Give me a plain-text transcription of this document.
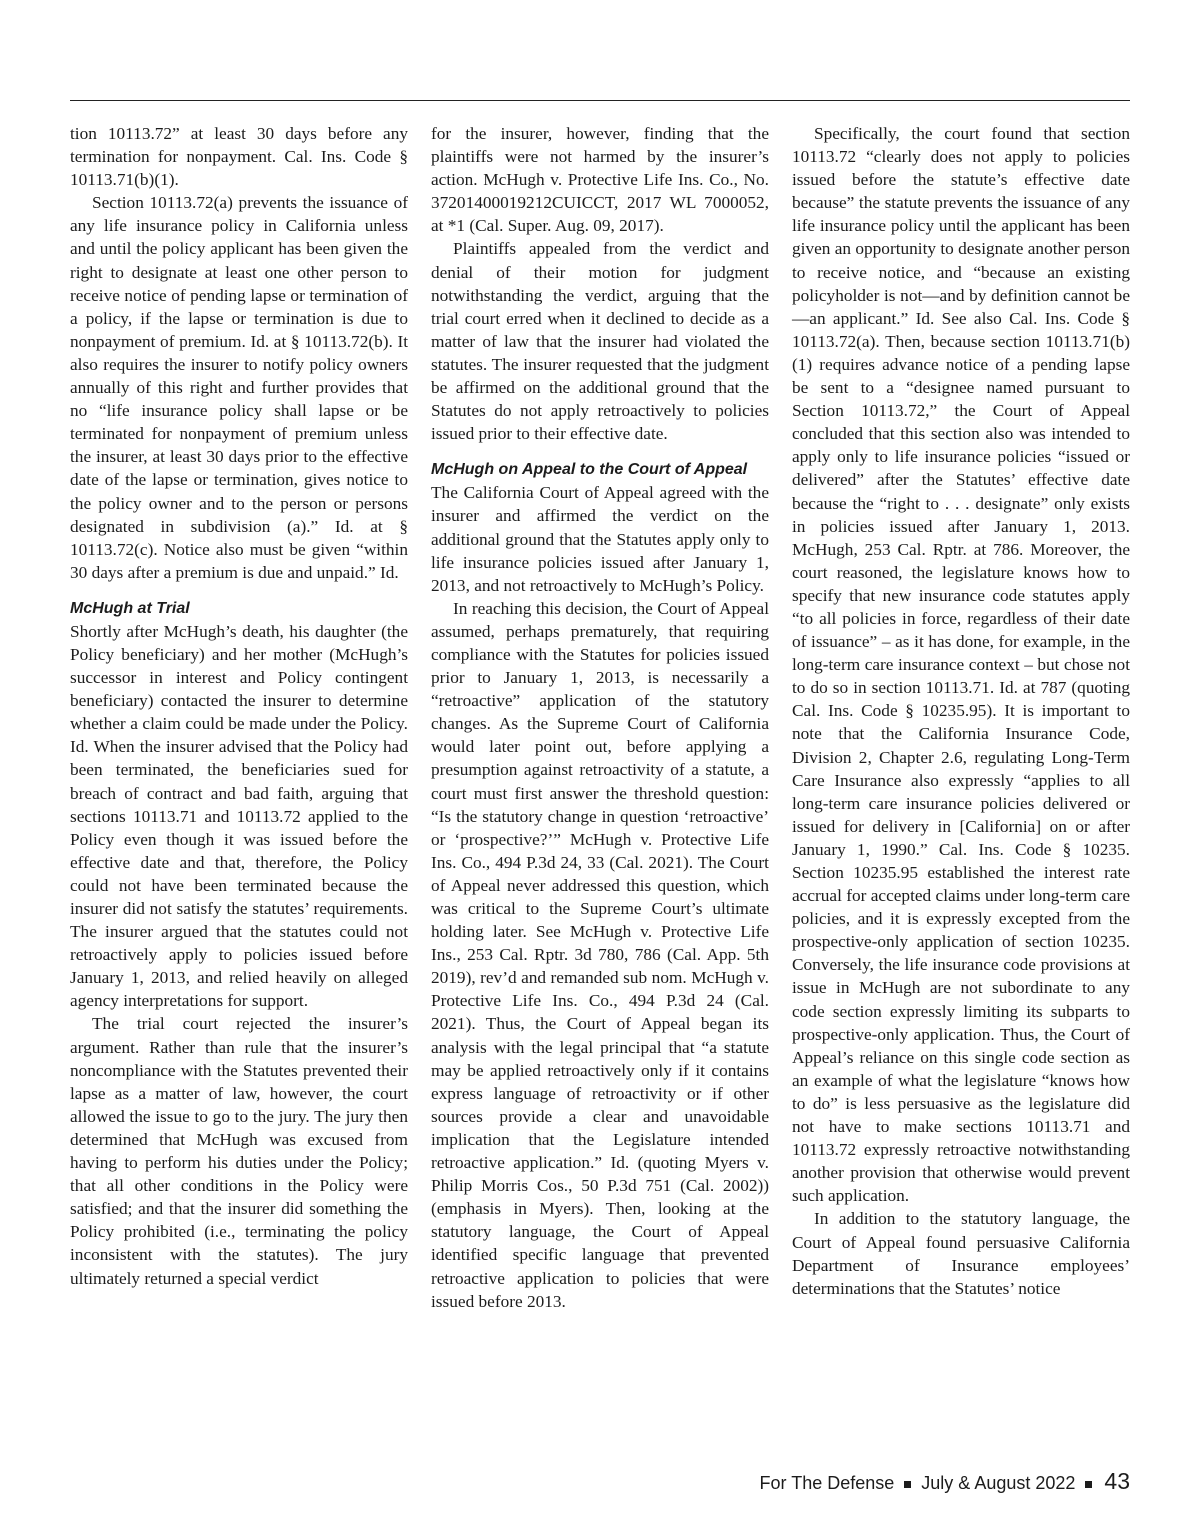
tion 10113.72” at least 30 days before any termination for nonpayment. Cal. Ins. Code § 10113.71(b)(1).

Section 10113.72(a) prevents the issuance of any life insurance policy in California unless and until the policy applicant has been given the right to designate at least one other person to receive notice of pending lapse or termination of a policy, if the lapse or termination is due to nonpayment of premium. Id. at § 10113.72(b). It also requires the insurer to notify policy owners annually of this right and further provides that no “life insurance policy shall lapse or be terminated for nonpayment of premium unless the insurer, at least 30 days prior to the effective date of the lapse or termination, gives notice to the policy owner and to the person or persons designated in subdivision (a).” Id. at § 10113.72(c). Notice also must be given “within 30 days after a premium is due and unpaid.” Id.

McHugh at Trial

Shortly after McHugh’s death, his daughter (the Policy beneficiary) and her mother (McHugh’s successor in interest and Policy contingent beneficiary) contacted the insurer to determine whether a claim could be made under the Policy. Id. When the insurer advised that the Policy had been terminated, the beneficiaries sued for breach of contract and bad faith, arguing that sections 10113.71 and 10113.72 applied to the Policy even though it was issued before the effective date and that, therefore, the Policy could not have been terminated because the insurer did not satisfy the statutes’ requirements. The insurer argued that the statutes could not retroactively apply to policies issued before January 1, 2013, and relied heavily on alleged agency interpretations for support.

The trial court rejected the insurer’s argument. Rather than rule that the insurer’s noncompliance with the Statutes prevented their lapse as a matter of law, however, the court allowed the issue to go to the jury. The jury then determined that McHugh was excused from having to perform his duties under the Policy; that all other conditions in the Policy were satisfied; and that the insurer did something the Policy prohibited (i.e., terminating the policy inconsistent with the statutes). The jury ultimately returned a special verdict

for the insurer, however, finding that the plaintiffs were not harmed by the insurer’s action. McHugh v. Protective Life Ins. Co., No. 37201400019212CUICCT, 2017 WL 7000052, at *1 (Cal. Super. Aug. 09, 2017).

Plaintiffs appealed from the verdict and denial of their motion for judgment notwithstanding the verdict, arguing that the trial court erred when it declined to decide as a matter of law that the insurer had violated the statutes. The insurer requested that the judgment be affirmed on the additional ground that the Statutes do not apply retroactively to policies issued prior to their effective date.

McHugh on Appeal to the Court of Appeal

The California Court of Appeal agreed with the insurer and affirmed the verdict on the additional ground that the Statutes apply only to life insurance policies issued after January 1, 2013, and not retroactively to McHugh’s Policy.

In reaching this decision, the Court of Appeal assumed, perhaps prematurely, that requiring compliance with the Statutes for policies issued prior to January 1, 2013, is necessarily a “retroactive” application of the statutory changes. As the Supreme Court of California would later point out, before applying a presumption against retroactivity of a statute, a court must first answer the threshold question: “Is the statutory change in question ‘retroactive’ or ‘prospective?’” McHugh v. Protective Life Ins. Co., 494 P.3d 24, 33 (Cal. 2021). The Court of Appeal never addressed this question, which was critical to the Supreme Court’s ultimate holding later. See McHugh v. Protective Life Ins., 253 Cal. Rptr. 3d 780, 786 (Cal. App. 5th 2019), rev’d and remanded sub nom. McHugh v. Protective Life Ins. Co., 494 P.3d 24 (Cal. 2021). Thus, the Court of Appeal began its analysis with the legal principal that “a statute may be applied retroactively only if it contains express language of retroactivity or if other sources provide a clear and unavoidable implication that the Legislature intended retroactive application.” Id. (quoting Myers v. Philip Morris Cos., 50 P.3d 751 (Cal. 2002)) (emphasis in Myers). Then, looking at the statutory language, the Court of Appeal identified specific language that prevented retroactive application to policies that were issued before 2013.

Specifically, the court found that section 10113.72 “clearly does not apply to policies issued before the statute’s effective date because” the statute prevents the issuance of any life insurance policy until the applicant has been given an opportunity to designate another person to receive notice, and “because an existing policyholder is not—and by definition cannot be—an applicant.” Id. See also Cal. Ins. Code § 10113.72(a). Then, because section 10113.71(b)(1) requires advance notice of a pending lapse be sent to a “designee named pursuant to Section 10113.72,” the Court of Appeal concluded that this section also was intended to apply only to life insurance policies “issued or delivered” after the Statutes’ effective date because the “right to . . . designate” only exists in policies issued after January 1, 2013. McHugh, 253 Cal. Rptr. at 786. Moreover, the court reasoned, the legislature knows how to specify that new insurance code statutes apply “to all policies in force, regardless of their date of issuance” – as it has done, for example, in the long-term care insurance context – but chose not to do so in section 10113.71. Id. at 787 (quoting Cal. Ins. Code § 10235.95). It is important to note that the California Insurance Code, Division 2, Chapter 2.6, regulating Long-Term Care Insurance also expressly “applies to all long-term care insurance policies delivered or issued for delivery in [California] on or after January 1, 1990.” Cal. Ins. Code § 10235. Section 10235.95 established the interest rate accrual for accepted claims under long-term care policies, and it is expressly excepted from the prospective-only application of section 10235. Conversely, the life insurance code provisions at issue in McHugh are not subordinate to any code section expressly limiting its subparts to prospective-only application. Thus, the Court of Appeal’s reliance on this single code section as an example of what the legislature “knows how to do” is less persuasive as the legislature did not have to make sections 10113.71 and 10113.72 expressly retroactive notwithstanding another provision that otherwise would prevent such application.

In addition to the statutory language, the Court of Appeal found persuasive California Department of Insurance employees’ determinations that the Statutes’ notice

For The Defense July & August 2022 43
